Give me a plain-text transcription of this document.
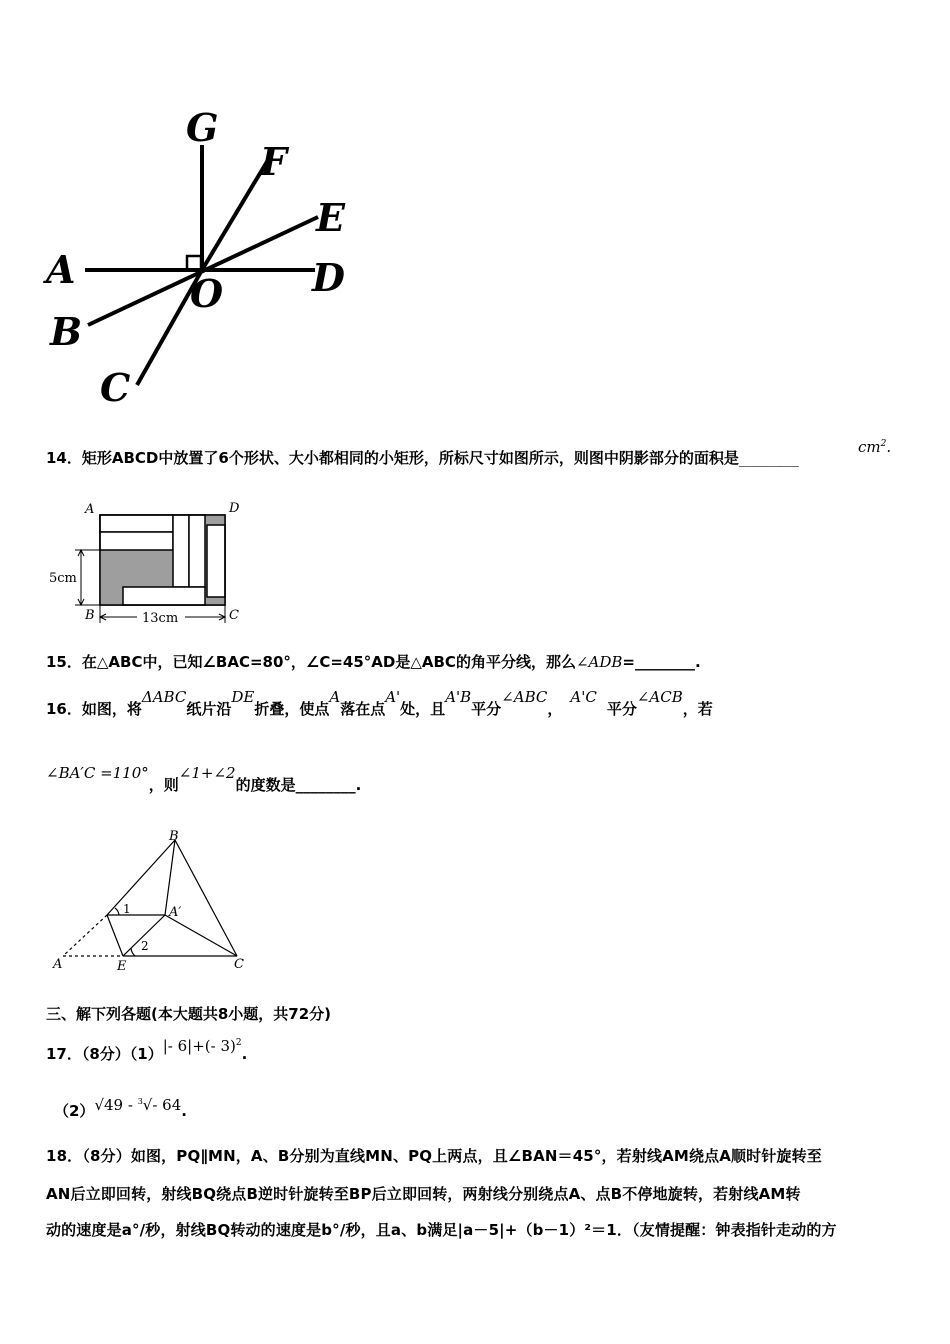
G
F
E
A	D
O
B
C
14．矩形ABCD中放置了6个形状、大小都相同的小矩形，所标尺寸如图所示，则图中阴影部分的面积是________
$cm^2$.
A	D
B	C
5cm
13cm
15．在△ABC中，已知∠BAC=80°，∠C=45°AD是△ABC的角平分线，那么∠ADB=________.
16．如图，将ΔABC纸片沿DE折叠，使点A落在点A'处，且A'B平分∠ABC，A'C平分∠ACB，若
∠BA′C =110°，则∠1+∠2的度数是________.
B
A′
A	E	C
1
2
三、解下列各题(本大题共8小题，共72分)
17．（8分）（1）|- 6|+(- 3)$^2$.
（2）√49 - $^3$√- 64.
18．（8分）如图，PQ∥MN，A、B分别为直线MN、PQ上两点，且∠BAN＝45°，若射线AM绕点A顺时针旋转至
AN后立即回转，射线BQ绕点B逆时针旋转至BP后立即回转，两射线分别绕点A、点B不停地旋转，若射线AM转
动的速度是a°/秒，射线BQ转动的速度是b°/秒，且a、b满足|a－5|+（b－1）²＝1．（友情提醒：钟表指针走动的方
